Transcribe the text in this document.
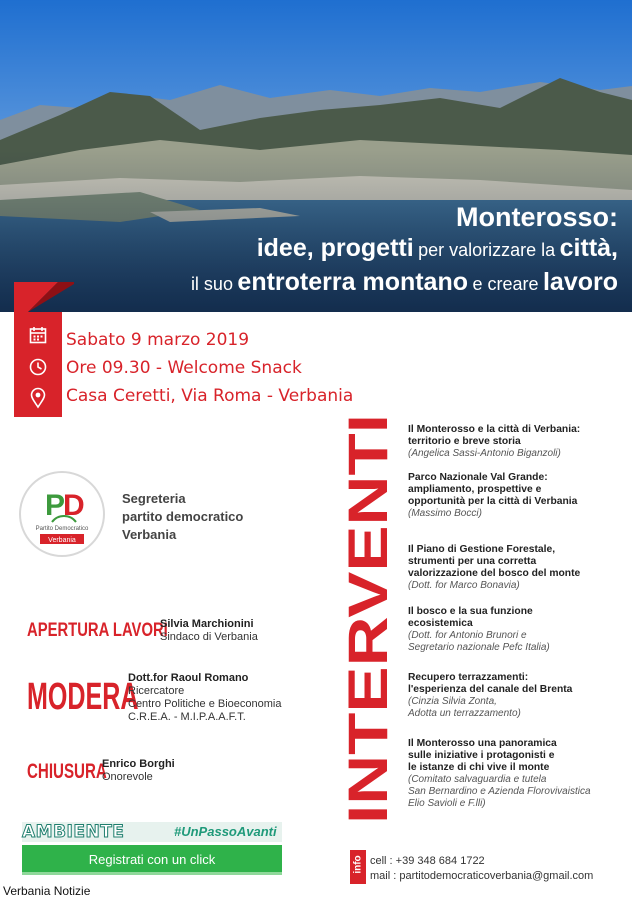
Monterosso:
idee, progetti per valorizzare la città,
il suo entroterra montano e creare lavoro
Sabato 9 marzo 2019
Ore 09.30 - Welcome Snack
Casa Ceretti, Via Roma - Verbania
P
D
Partito Democratico
Verbania
Segreteria
partito democratico
Verbania
APERTURA LAVORI
Silvia Marchionini
Sindaco di Verbania
MODERA
Dott.for Raoul Romano
Ricercatore
Centro Politiche e Bioeconomia
C.R.E.A. - M.I.P.A.A.F.T.
CHIUSURA
Enrico Borghi
Onorevole	INTERVENTI
Il Monterosso e la città di Verbania:
territorio e breve storia
(Angelica Sassi-Antonio Biganzoli)
Parco Nazionale Val Grande:
ampliamento, prospettive e
opportunità per la città di Verbania
(Massimo Bocci)
Il Piano di Gestione Forestale,
strumenti per una corretta
valorizzazione del bosco del monte
(Dott. for Marco Bonavia)
Il bosco e la sua funzione
ecosistemica
(Dott. for Antonio Brunori e
Segretario nazionale Pefc Italia)
Recupero terrazzamenti:
l'esperienza del canale del Brenta
(Cinzia Silvia Zonta,
Adotta un terrazzamento)
Il Monterosso una panoramica
sulle iniziative i protagonisti e
le istanze di chi vive il monte
(Comitato salvaguardia e tutela
San Bernardino e Azienda Florovivaistica
Elio Savioli e F.lli)
AMBIENTE	#UnPassoAvanti
Registrati con un click	info cell : +39 348 684 1722
mail : partitodemocraticoverbania@gmail.com
Verbania Notizie
